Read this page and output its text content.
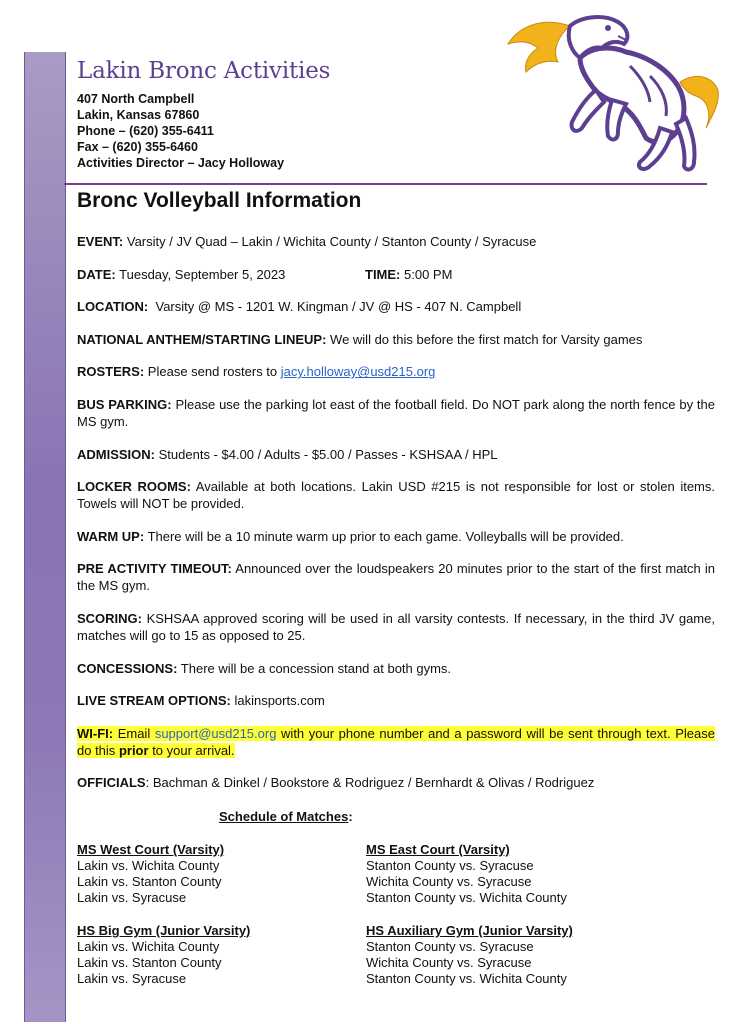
Lakin Bronc Activities
407 North Campbell
Lakin, Kansas 67860
Phone – (620) 355-6411
Fax – (620) 355-6460
Activities Director – Jacy Holloway
Bronc Volleyball Information

EVENT: Varsity / JV Quad – Lakin / Wichita County / Stanton County / Syracuse

DATE: Tuesday, September 5, 2023	TIME: 5:00 PM

LOCATION: Varsity @ MS - 1201 W. Kingman / JV @ HS - 407 N. Campbell

NATIONAL ANTHEM/STARTING LINEUP: We will do this before the first match for Varsity games

ROSTERS: Please send rosters to jacy.holloway@usd215.org

BUS PARKING: Please use the parking lot east of the football field. Do NOT park along the north fence by the MS gym.

ADMISSION: Students - $4.00 / Adults - $5.00 / Passes - KSHSAA / HPL

LOCKER ROOMS: Available at both locations. Lakin USD #215 is not responsible for lost or stolen items. Towels will NOT be provided.

WARM UP: There will be a 10 minute warm up prior to each game. Volleyballs will be provided.

PRE ACTIVITY TIMEOUT: Announced over the loudspeakers 20 minutes prior to the start of the first match in the MS gym.

SCORING: KSHSAA approved scoring will be used in all varsity contests. If necessary, in the third JV game, matches will go to 15 as opposed to 25.

CONCESSIONS: There will be a concession stand at both gyms.

LIVE STREAM OPTIONS: lakinsports.com

WI-FI: Email support@usd215.org with your phone number and a password will be sent through text. Please do this prior to your arrival.

OFFICIALS: Bachman & Dinkel / Bookstore & Rodriguez / Bernhardt & Olivas / Rodriguez

Schedule of Matches:
MS West Court (Varsity)
Lakin vs. Wichita County
Lakin vs. Stanton County
Lakin vs. Syracuse
MS East Court (Varsity)
Stanton County vs. Syracuse
Wichita County vs. Syracuse
Stanton County vs. Wichita County
HS Big Gym (Junior Varsity)
Lakin vs. Wichita County
Lakin vs. Stanton County
Lakin vs. Syracuse
HS Auxiliary Gym (Junior Varsity)
Stanton County vs. Syracuse
Wichita County vs. Syracuse
Stanton County vs. Wichita County
